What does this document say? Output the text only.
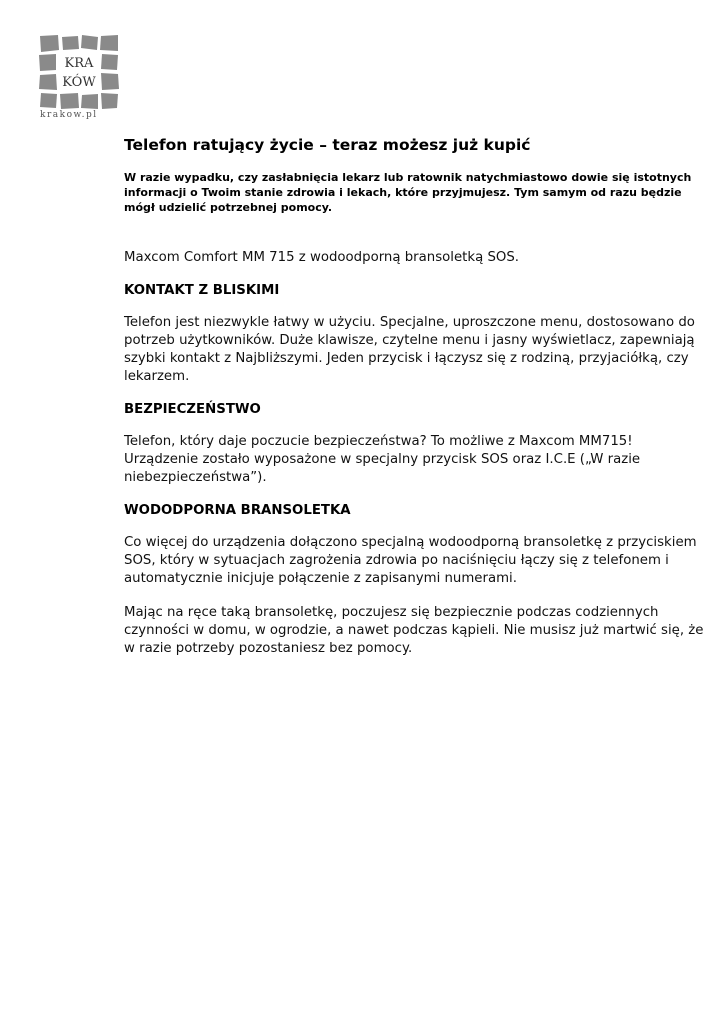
KRA
KÓW
krakow.pl
Telefon ratujący życie – teraz możesz już kupić

W razie wypadku, czy zasłabnięcia lekarz lub ratownik natychmiastowo dowie się istotnych informacji o Twoim stanie zdrowia i lekach, które przyjmujesz. Tym samym od razu będzie mógł udzielić potrzebnej pomocy.

Maxcom Comfort MM 715 z wodoodporną bransoletką SOS.

KONTAKT Z BLISKIMI

Telefon jest niezwykle łatwy w użyciu. Specjalne, uproszczone menu, dostosowano do potrzeb użytkowników. Duże klawisze, czytelne menu i jasny wyświetlacz, zapewniają szybki kontakt z Najbliższymi. Jeden przycisk i łączysz się z rodziną, przyjaciółką, czy lekarzem.

BEZPIECZEŃSTWO

Telefon, który daje poczucie bezpieczeństwa? To możliwe z Maxcom MM715! Urządzenie zostało wyposażone w specjalny przycisk SOS oraz I.C.E („W razie niebezpieczeństwa”).

WODODPORNA BRANSOLETKA

Co więcej do urządzenia dołączono specjalną wodoodporną bransoletkę z przyciskiem SOS, który w sytuacjach zagrożenia zdrowia po naciśnięciu łączy się z telefonem i automatycznie inicjuje połączenie z zapisanymi numerami.

Mając na ręce taką bransoletkę, poczujesz się bezpiecznie podczas codziennych czynności w domu, w ogrodzie, a nawet podczas kąpieli. Nie musisz już martwić się, że w razie potrzeby pozostaniesz bez pomocy.
